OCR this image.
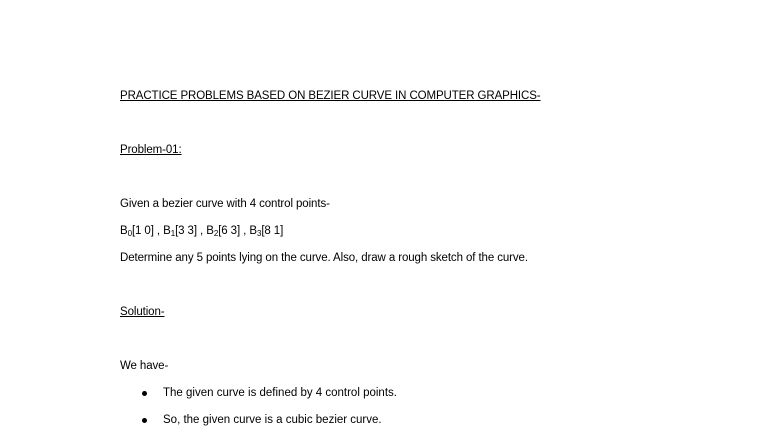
PRACTICE PROBLEMS BASED ON BEZIER CURVE IN COMPUTER GRAPHICS-
Problem-01:
Given a bezier curve with 4 control points-
$B_0[1$ 0] , $B_1[3$ 3] , $B_2[6$ 3] , $B_3[8$ 1]
Determine any 5 points lying on the curve. Also, draw a rough sketch of the curve.
Solution-
We have-
The given curve is defined by 4 control points.
So, the given curve is a cubic bezier curve.
